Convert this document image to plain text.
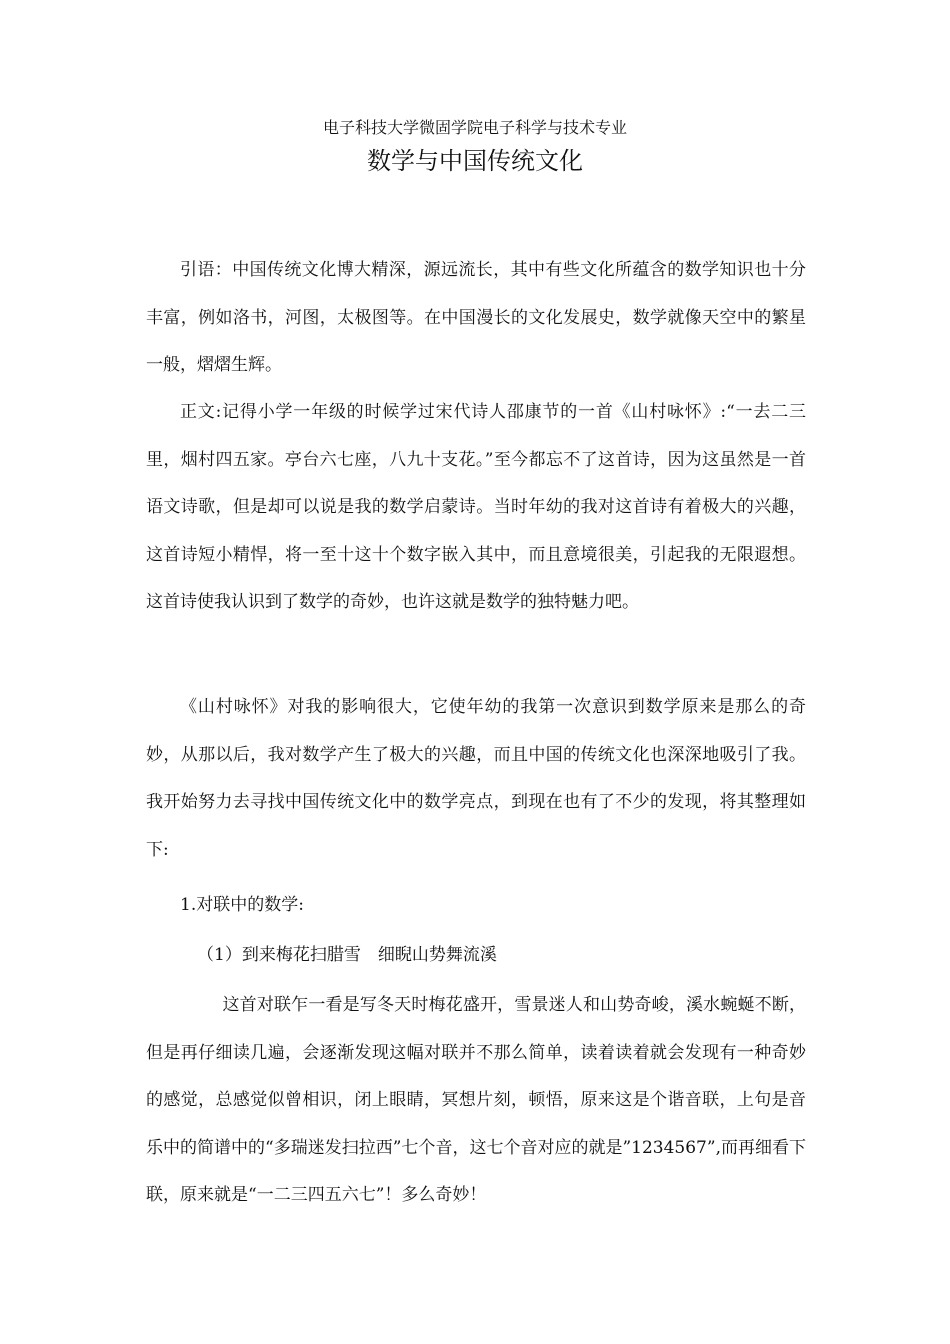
电子科技大学微固学院电子科学与技术专业
数学与中国传统文化

引语：中国传统文化博大精深，源远流长，其中有些文化所蕴含的数学知识也十分丰富，例如洛书，河图，太极图等。在中国漫长的文化发展史，数学就像天空中的繁星一般，熠熠生辉。

正文:记得小学一年级的时候学过宋代诗人邵康节的一首《山村咏怀》:“一去二三里，烟村四五家。亭台六七座，八九十支花。”至今都忘不了这首诗，因为这虽然是一首语文诗歌，但是却可以说是我的数学启蒙诗。当时年幼的我对这首诗有着极大的兴趣，这首诗短小精悍，将一至十这十个数字嵌入其中，而且意境很美，引起我的无限遐想。这首诗使我认识到了数学的奇妙，也许这就是数学的独特魅力吧。

《山村咏怀》对我的影响很大，它使年幼的我第一次意识到数学原来是那么的奇妙，从那以后，我对数学产生了极大的兴趣，而且中国的传统文化也深深地吸引了我。我开始努力去寻找中国传统文化中的数学亮点，到现在也有了不少的发现，将其整理如下:

1.对联中的数学:

（1）到来梅花扫腊雪　细睨山势舞流溪

这首对联乍一看是写冬天时梅花盛开，雪景迷人和山势奇峻，溪水蜿蜒不断，但是再仔细读几遍，会逐渐发现这幅对联并不那么简单，读着读着就会发现有一种奇妙的感觉，总感觉似曾相识，闭上眼睛，冥想片刻，顿悟，原来这是个谐音联，上句是音乐中的简谱中的“多瑞迷发扫拉西”七个音，这七个音对应的就是”1234567”,而再细看下联，原来就是“一二三四五六七”！多么奇妙！
